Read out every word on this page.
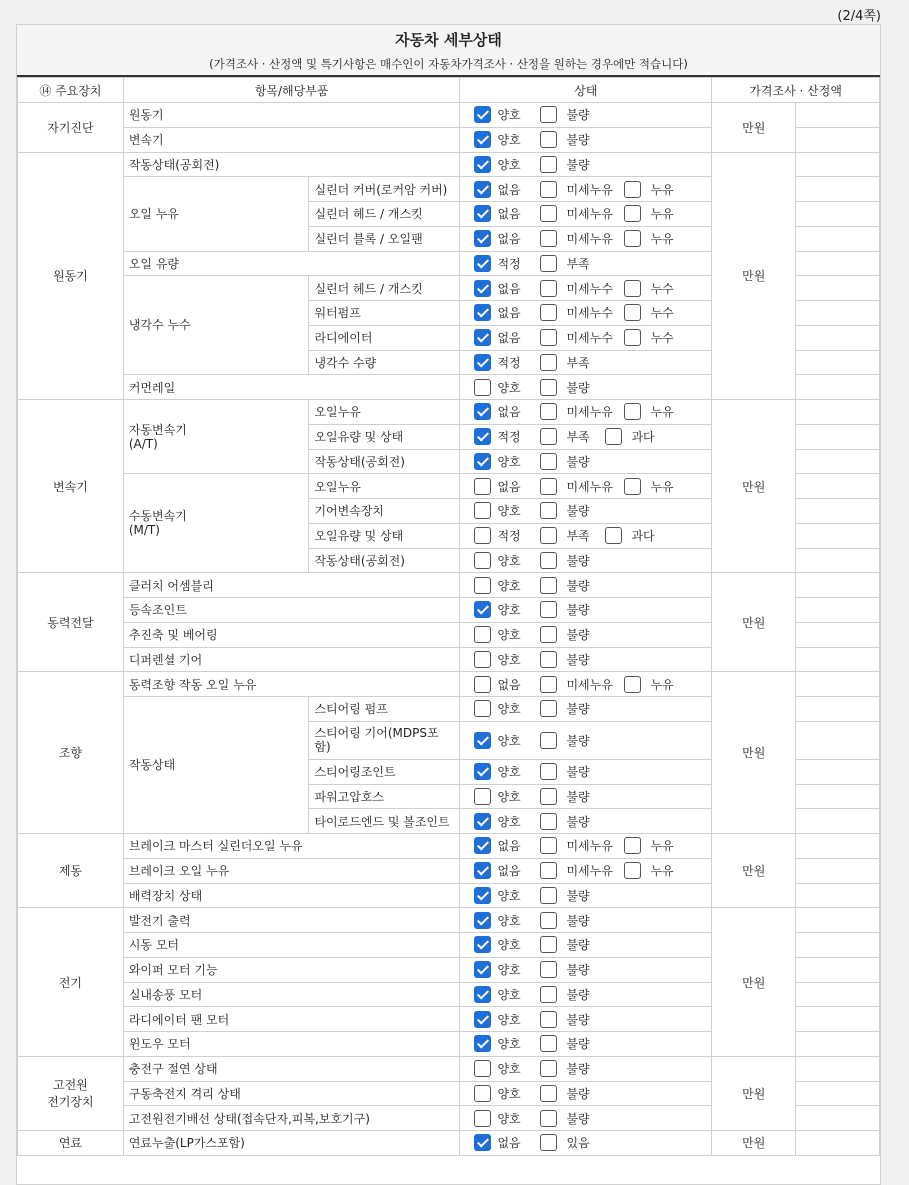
(2/4쪽)
자동차 세부상태
(가격조사 · 산정액 및 특기사항은 매수인이 자동차가격조사 · 산정을 원하는 경우에만 적습니다)
⑭ 주요장치	항목/해당부품		상태	가격조사 · 산정액	
자기진단	원동기		양호 불량	만원	
	변속기		양호 불량		
원동기	작동상태(공회전)		양호 불량	만원	
	오일 누유	실린더 커버(로커암 커버)	없음 미세누유 누유		
		실린더 헤드 / 개스킷	없음 미세누유 누유		
		실린더 블록 / 오일팬	없음 미세누유 누유		
	오일 유량		적정 부족		
	냉각수 누수	실린더 헤드 / 개스킷	없음 미세누수 누수		
		워터펌프	없음 미세누수 누수		
		라디에이터	없음 미세누수 누수		
		냉각수 수량	적정 부족		
	커먼레일		양호 불량		
변속기	자동변속기
(A/T)	오일누유	없음 미세누유 누유	만원	
		오일유량 및 상태	적정 부족 과다		
		작동상태(공회전)	양호 불량		
	수동변속기
(M/T)	오일누유	없음 미세누유 누유		
		기어변속장치	양호 불량		
		오일유량 및 상태	적정 부족 과다		
		작동상태(공회전)	양호 불량		
동력전달	클러치 어셈블리		양호 불량	만원	
	등속조인트		양호 불량		
	추진축 및 베어링		양호 불량		
	디퍼렌셜 기어		양호 불량		
조향	동력조향 작동 오일 누유		없음 미세누유 누유	만원	
	작동상태	스티어링 펌프	양호 불량		
		스티어링 기어(MDPS포함)	양호 불량		
		스티어링조인트	양호 불량		
		파워고압호스	양호 불량		
		타이로드엔드 및 볼조인트	양호 불량		
제동	브레이크 마스터 실린더오일 누유		없음 미세누유 누유	만원	
	브레이크 오일 누유		없음 미세누유 누유		
	배력장치 상태		양호 불량		
전기	발전기 출력		양호 불량	만원	
	시동 모터		양호 불량		
	와이퍼 모터 기능		양호 불량		
	실내송풍 모터		양호 불량		
	라디에이터 팬 모터		양호 불량		
	윈도우 모터		양호 불량		
고전원
전기장치	충전구 절연 상태		양호 불량	만원	
	구동축전지 격리 상태		양호 불량		
	고전원전기배선 상태(접속단자,피복,보호기구)		양호 불량		
연료	연료누출(LP가스포함)		없음 있음	만원	
